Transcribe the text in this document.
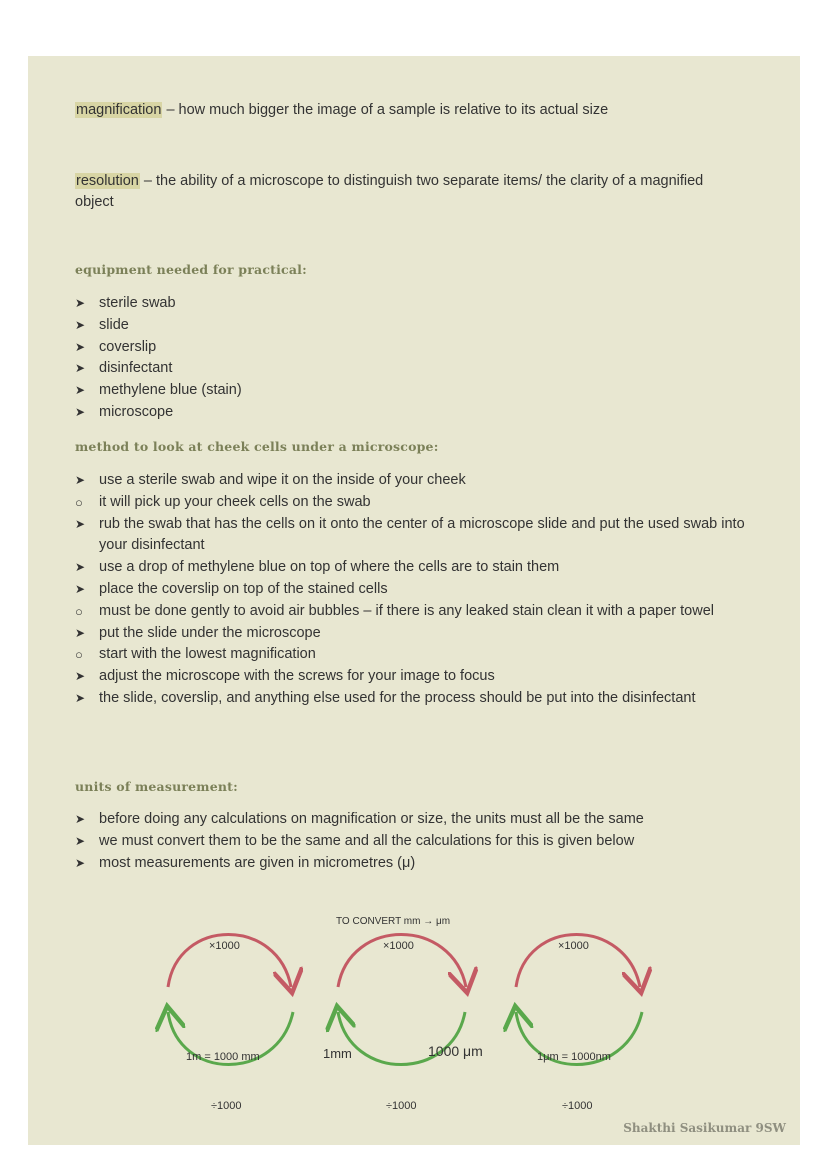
magnification – how much bigger the image of a sample is relative to its actual size

resolution – the ability of a microscope to distinguish two separate items/ the clarity of a magnified object

equipment needed for practical:
➤ sterile swab
➤ slide
➤ coverslip
➤ disinfectant
➤ methylene blue (stain)
➤ microscope
method to look at cheek cells under a microscope:
➤ use a sterile swab and wipe it on the inside of your cheek
○	it will pick up your cheek cells on the swab
➤ rub the swab that has the cells on it onto the center of a microscope slide and put the used swab into your disinfectant
➤ use a drop of methylene blue on top of where the cells are to stain them
➤ place the coverslip on top of the stained cells
○	must be done gently to avoid air bubbles – if there is any leaked stain clean it with a paper towel
➤ put the slide under the microscope
○	start with the lowest magnification
➤ adjust the microscope with the screws for your image to focus
➤ the slide, coverslip, and anything else used for the process should be put into the disinfectant
units of measurement:
➤ before doing any calculations on magnification or size, the units must all be the same
➤ we must convert them to be the same and all the calculations for this is given below
➤ most measurements are given in micrometres (μ)
TO CONVERT mm → μm
×1000	×1000	×1000
1m = 1000 mm
÷1000
1mm	1000 μm
÷1000
1μm = 1000nm
÷1000
Shakthi Sasikumar 9SW
